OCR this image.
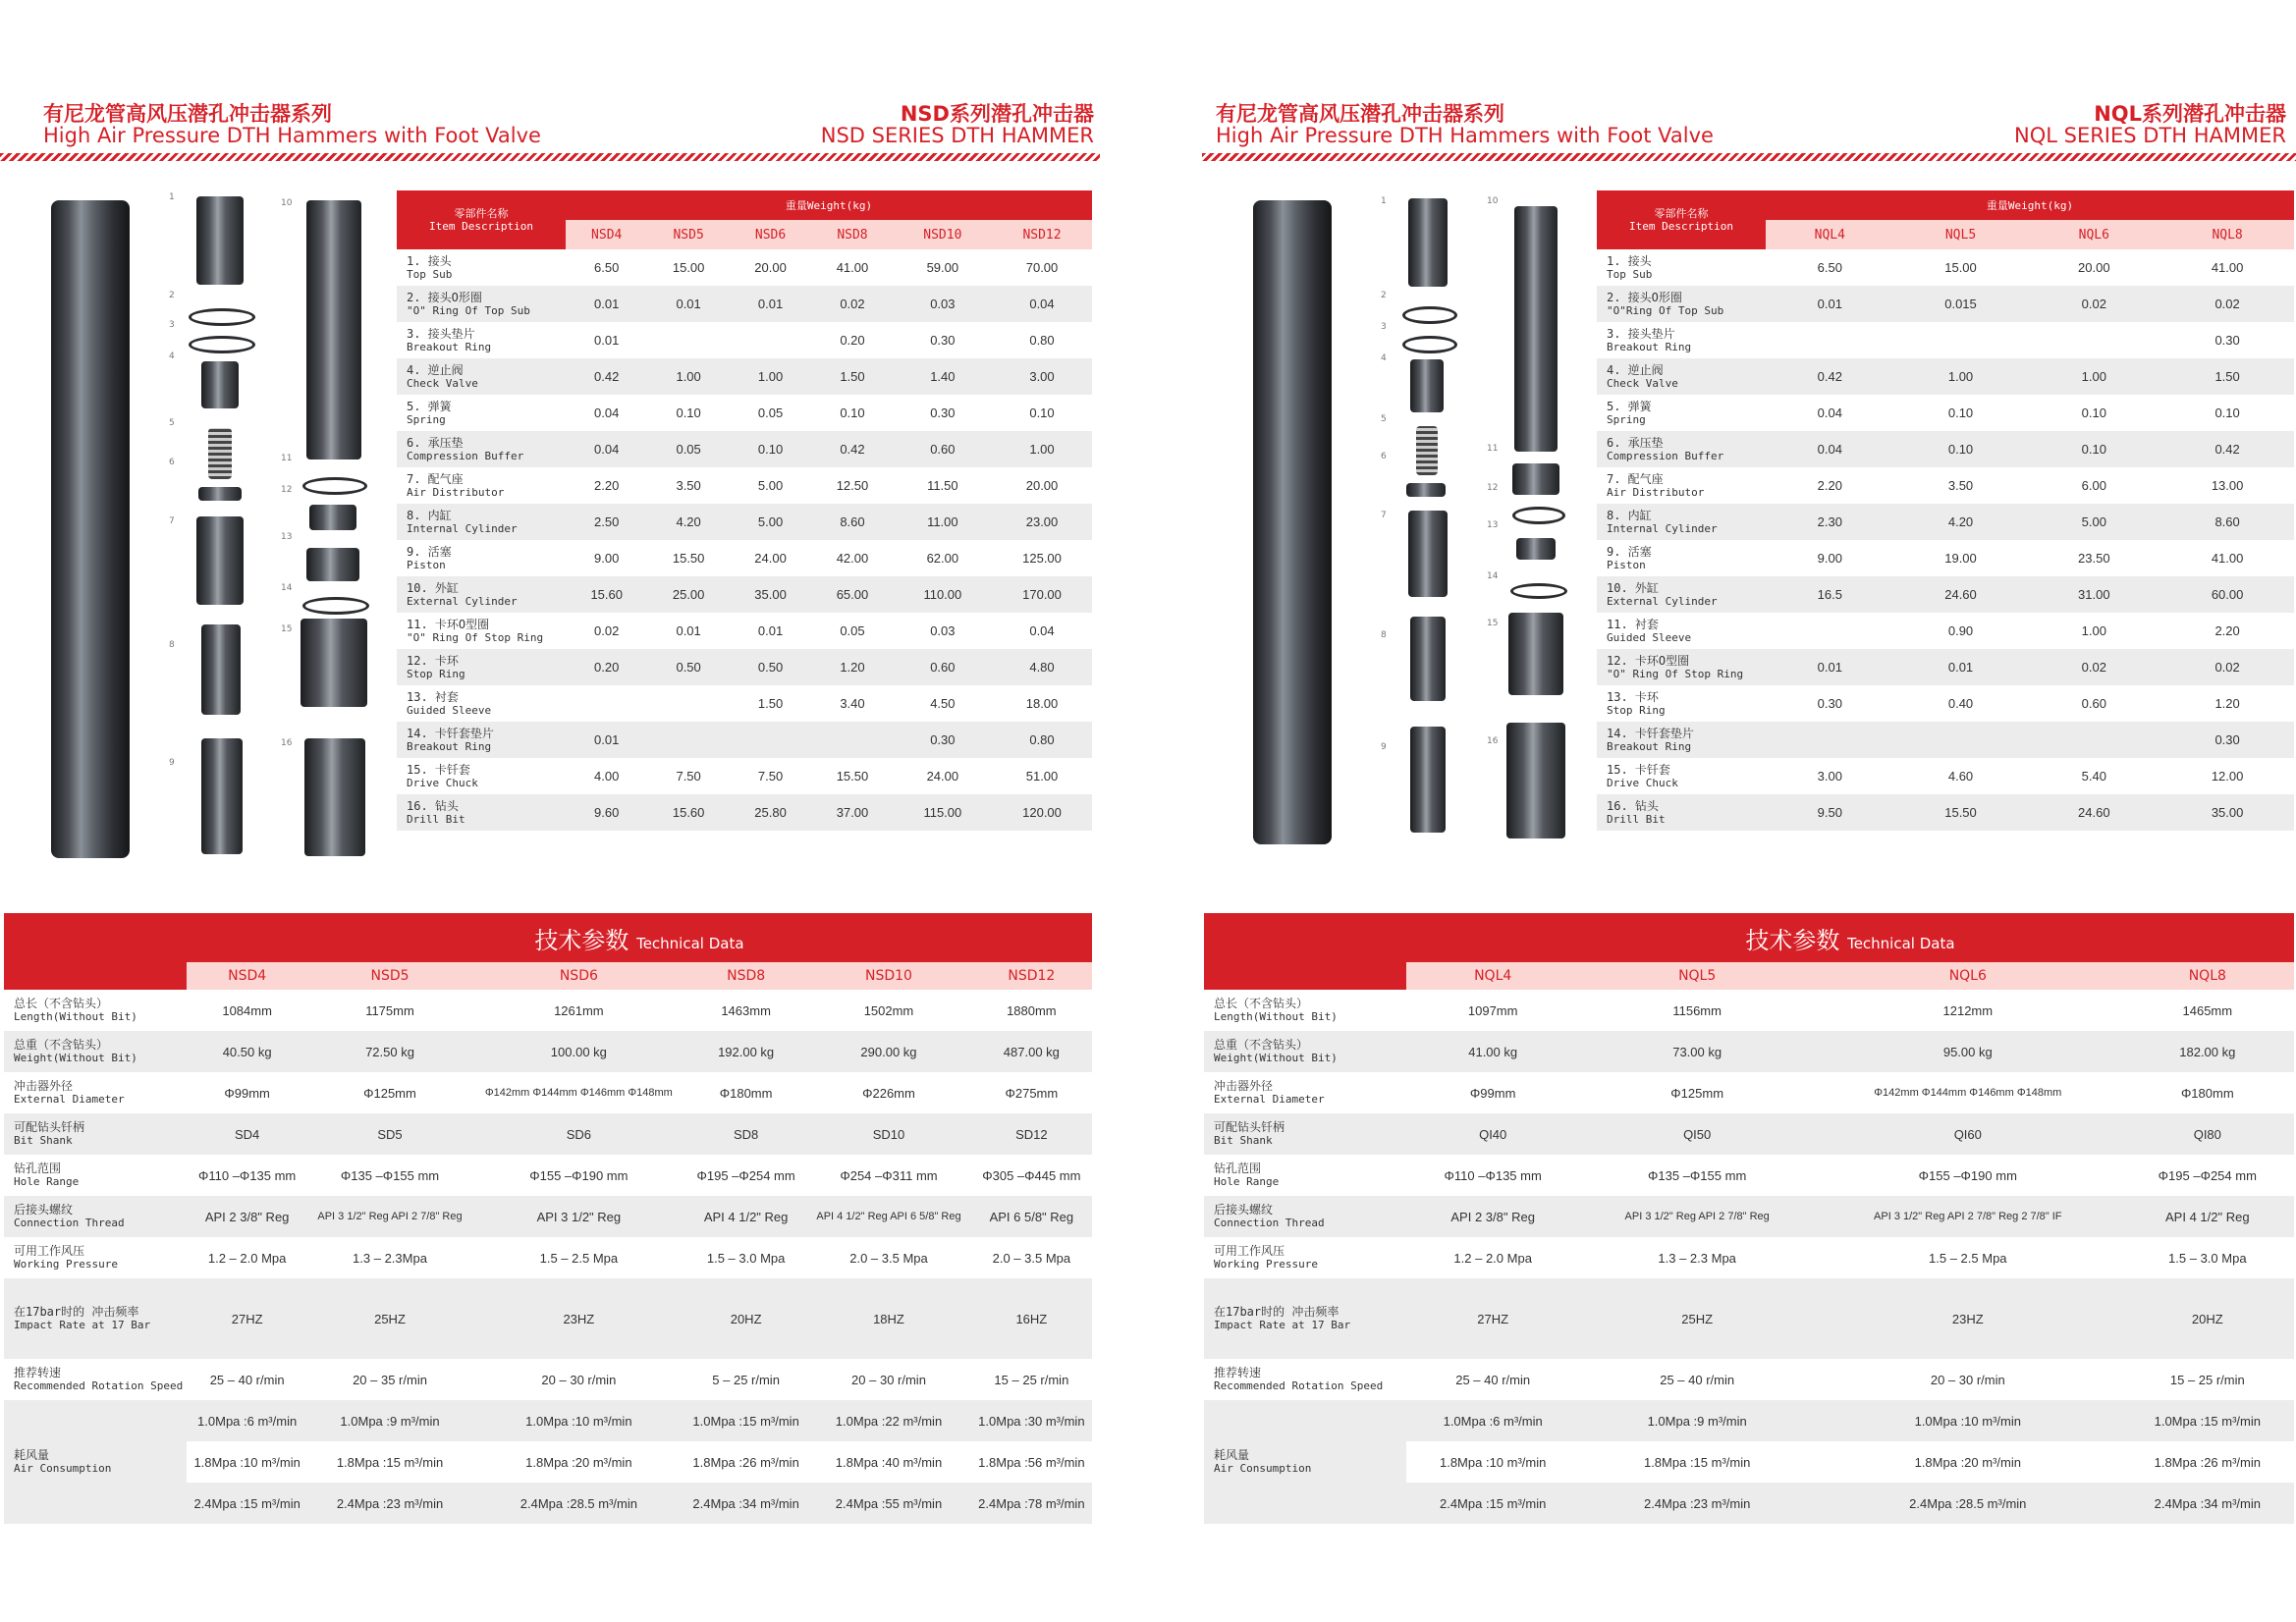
有尼龙管高风压潜孔冲击器系列
High Air Pressure DTH Hammers with Foot Valve
NSD系列潜孔冲击器
NSD SERIES DTH HAMMER
1
2
3
4
5
6
7
8
9
10
11
12
13
14
15
16
零部件名称
Item Description	重量Weight(kg)					
	NSD4	NSD5	NSD6	NSD8	NSD10	NSD12

1. 接头
Top Sub	6.50	15.00	20.00	41.00	59.00	70.00

2. 接头O形圈
"O" Ring Of Top Sub	0.01	0.01	0.01	0.02	0.03	0.04

3. 接头垫片
Breakout Ring	0.01			0.20	0.30	0.80

4. 逆止阀
Check Valve	0.42	1.00	1.00	1.50	1.40	3.00

5. 弹簧
Spring	0.04	0.10	0.05	0.10	0.30	0.10

6. 承压垫
Compression Buffer	0.04	0.05	0.10	0.42	0.60	1.00

7. 配气座
Air Distributor	2.20	3.50	5.00	12.50	11.50	20.00

8. 内缸
Internal Cylinder	2.50	4.20	5.00	8.60	11.00	23.00

9. 活塞
Piston	9.00	15.50	24.00	42.00	62.00	125.00

10. 外缸
External Cylinder	15.60	25.00	35.00	65.00	110.00	170.00

11. 卡环O型圈
"O" Ring Of Stop Ring	0.02	0.01	0.01	0.05	0.03	0.04

12. 卡环
Stop Ring	0.20	0.50	0.50	1.20	0.60	4.80

13. 衬套
Guided Sleeve			1.50	3.40	4.50	18.00

14. 卡钎套垫片
Breakout Ring	0.01				0.30	0.80

15. 卡钎套
Drive Chuck	4.00	7.50	7.50	15.50	24.00	51.00

16. 钻头
Drill Bit	9.60	15.60	25.80	37.00	115.00	120.00
	技术参数 Technical Data					
	NSD4	NSD5	NSD6	NSD8	NSD10	NSD12

总长（不含钻头）
Length(Without Bit)	1084mm	1175mm	1261mm	1463mm	1502mm	1880mm

总重（不含钻头）
Weight(Without Bit)	40.50 kg	72.50 kg	100.00 kg	192.00 kg	290.00 kg	487.00 kg

冲击器外径
External Diameter	Φ99mm	Φ125mm	Φ142mm Φ144mm Φ146mm Φ148mm	Φ180mm	Φ226mm	Φ275mm

可配钻头钎柄
Bit Shank	SD4	SD5	SD6	SD8	SD10	SD12

钻孔范围
Hole Range	Φ110 –Φ135 mm	Φ135 –Φ155 mm	Φ155 –Φ190 mm	Φ195 –Φ254 mm	Φ254 –Φ311 mm	Φ305 –Φ445 mm

后接头螺纹
Connection Thread	API 2 3/8" Reg	API 3 1/2" Reg API 2 7/8" Reg	API 3 1/2" Reg	API 4 1/2" Reg	API 4 1/2" Reg API 6 5/8" Reg	API 6 5/8" Reg

可用工作风压
Working Pressure	1.2 – 2.0 Mpa	1.3 – 2.3Mpa	1.5 – 2.5 Mpa	1.5 – 3.0 Mpa	2.0 – 3.5 Mpa	2.0 – 3.5 Mpa

在17bar时的 冲击频率
Impact Rate at 17 Bar	27HZ	25HZ	23HZ	20HZ	18HZ	16HZ

推荐转速
Recommended Rotation Speed	25 – 40 r/min	20 – 35 r/min	20 – 30 r/min	5 – 25 r/min	20 – 30 r/min	15 – 25 r/min

耗风量
Air Consumption	1.0Mpa :6 m³/min	1.0Mpa :9 m³/min	1.0Mpa :10 m³/min	1.0Mpa :15 m³/min	1.0Mpa :22 m³/min	1.0Mpa :30 m³/min
	1.8Mpa :10 m³/min	1.8Mpa :15 m³/min	1.8Mpa :20 m³/min	1.8Mpa :26 m³/min	1.8Mpa :40 m³/min	1.8Mpa :56 m³/min
	2.4Mpa :15 m³/min	2.4Mpa :23 m³/min	2.4Mpa :28.5 m³/min	2.4Mpa :34 m³/min	2.4Mpa :55 m³/min	2.4Mpa :78 m³/min
有尼龙管高风压潜孔冲击器系列
High Air Pressure DTH Hammers with Foot Valve
NQL系列潜孔冲击器
NQL SERIES DTH HAMMER
1
2
3
4
5
6
7
8
9
10
11
12
13
14
15
16
零部件名称
Item Description	重量Weight(kg)			
	NQL4	NQL5	NQL6	NQL8

1. 接头
Top Sub	6.50	15.00	20.00	41.00

2. 接头O形圈
"O"Ring Of Top Sub	0.01	0.015	0.02	0.02

3. 接头垫片
Breakout Ring				0.30

4. 逆止阀
Check Valve	0.42	1.00	1.00	1.50

5. 弹簧
Spring	0.04	0.10	0.10	0.10

6. 承压垫
Compression Buffer	0.04	0.10	0.10	0.42

7. 配气座
Air Distributor	2.20	3.50	6.00	13.00

8. 内缸
Internal Cylinder	2.30	4.20	5.00	8.60

9. 活塞
Piston	9.00	19.00	23.50	41.00

10. 外缸
External Cylinder	16.5	24.60	31.00	60.00

11. 衬套
Guided Sleeve		0.90	1.00	2.20

12. 卡环O型圈
"O" Ring Of Stop Ring	0.01	0.01	0.02	0.02

13. 卡环
Stop Ring	0.30	0.40	0.60	1.20

14. 卡钎套垫片
Breakout Ring				0.30

15. 卡钎套
Drive Chuck	3.00	4.60	5.40	12.00

16. 钻头
Drill Bit	9.50	15.50	24.60	35.00
	技术参数 Technical Data			
	NQL4	NQL5	NQL6	NQL8

总长（不含钻头）
Length(Without Bit)	1097mm	1156mm	1212mm	1465mm

总重（不含钻头）
Weight(Without Bit)	41.00 kg	73.00 kg	95.00 kg	182.00 kg

冲击器外径
External Diameter	Φ99mm	Φ125mm	Φ142mm Φ144mm Φ146mm Φ148mm	Φ180mm

可配钻头钎柄
Bit Shank	QI40	QI50	QI60	QI80

钻孔范围
Hole Range	Φ110 –Φ135 mm	Φ135 –Φ155 mm	Φ155 –Φ190 mm	Φ195 –Φ254 mm

后接头螺纹
Connection Thread	API 2 3/8" Reg	API 3 1/2" Reg API 2 7/8" Reg	API 3 1/2" Reg API 2 7/8" Reg 2 7/8" IF	API 4 1/2" Reg

可用工作风压
Working Pressure	1.2 – 2.0 Mpa	1.3 – 2.3 Mpa	1.5 – 2.5 Mpa	1.5 – 3.0 Mpa

在17bar时的 冲击频率
Impact Rate at 17 Bar	27HZ	25HZ	23HZ	20HZ

推荐转速
Recommended Rotation Speed	25 – 40 r/min	25 – 40 r/min	20 – 30 r/min	15 – 25 r/min

耗风量
Air Consumption	1.0Mpa :6 m³/min	1.0Mpa :9 m³/min	1.0Mpa :10 m³/min	1.0Mpa :15 m³/min
	1.8Mpa :10 m³/min	1.8Mpa :15 m³/min	1.8Mpa :20 m³/min	1.8Mpa :26 m³/min
	2.4Mpa :15 m³/min	2.4Mpa :23 m³/min	2.4Mpa :28.5 m³/min	2.4Mpa :34 m³/min
